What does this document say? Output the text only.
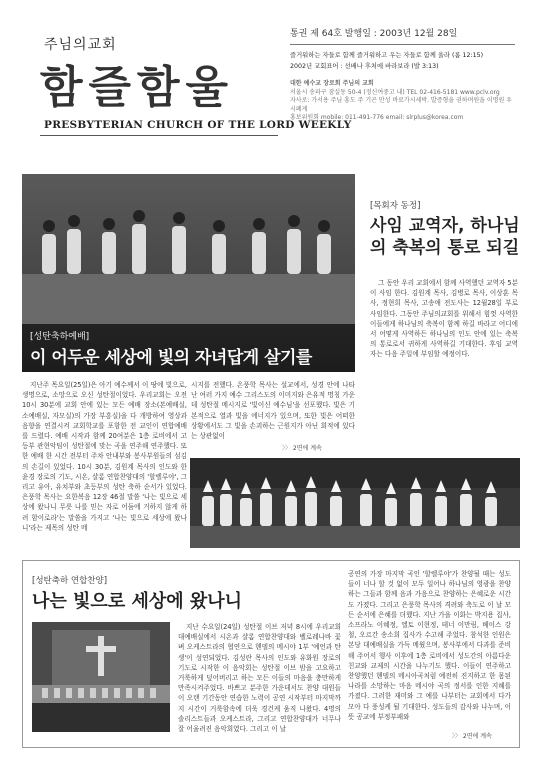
주님의교회
함즐함울
PRESBYTERIAN CHURCH OF THE LORD WEEKLY
통권 제 64호 발행일 : 2003년 12월 28일
즐거워하는 자들로 함께 즐거워하고 우는 자들로 함께 울라 (롬 12:15)
2002년 교회표어 : 선배나 후처에 바라보라 (발 3:13)
대한 예수교 장로회 주님의 교회
서울시 송파구 잠실동 50-4 (정신여중고 내) TEL 02-416-5181 www.pclv.org
자사로: 가서용 주님 흥도 주 기곤 만성 바료가시세박. 발증형을 권하며원을 이명원 우시폐게
홍보위원회 mobile: 011-491-776 email: slrplus@korea.com
[성탄축하예배]
이 어두운 세상에 빛의 자녀답게 살기를
[목회자 동정]
사임 교역자, 하나님의 축복의 통로 되길
그 동안 우리 교회에서 함께 사역했던 교역자 5분이 사임 한다. 김원계 목사, 김병로 목사, 이상훈 목사, 정현희 목사, 고송애 전도사는 12월28일 부로 사임한다. 그동안 주님의교회를 위해서 힘껏 사역한 이들에게 하나님의 축복이 함께 하길 바라고 어디에서 어떻게 사역하든 하나님의 인도 안에 있는 축복의 통로로서 귀하게 사역하길 기대한다. 후임 교역자는 다음 주일에 부임할 예정이다.
지난주 목요일(25일)은 아기 예수께서 이 땅에 빛으로, 생명으로, 소망으로 오신 성탄절이었다. 우리교회는 오전 10시 30분에 교회 안에 있는 모든 예배 장소(본예배실, 소예배실, 자모실)의 가장 부흥실)을 다 개방하여 영상과 음향을 연결시켜 교회학교를 포함한 전 교인이 연합예배를 드렸다. 예배 시작과 함께 20여분은 1층 로비에서 고등부 관현악팀이 성탄절에 맞는 곡을 연주해 연주했다. 또한 예배 한 시간 전부터 주차 안내부와 봉사부원들의 섬김의 손길이 있었다. 10시 30분, 김원계 목사의 인도와 한윤경 장로의 기도, 시온, 샬롬 연합찬양대의 '할렐루야', 그리고 유아, 유치부와 초등부의 성탄 축하 순서가 있었다. 은풍학 목사는 요한복음 12장 46절 말씀 '나는 빛으로 세상에 왔나니 무릇 나를 믿는 자로 어둠에 거하지 않게 하려 함이로라'는 말씀을 가지고 '나는 빛으로 세상에 왔나니'라는 제목의 성탄 메
시지를 전했다. 온풍학 목사는 설교에서, 성경 안에 나타난 여러 가지 예수 그리스도의 이미지와 은유적 명칭 가운데 성탄절 메시지로 '빛이신 예수님'을 선포했다. 빛은 기본적으로 열과 빛을 에너지가 있으며, 또한 빛은 어떠한 상황에서도 그 빛을 손괴하는 근원지가 아닌 회적에 있다는 상관없이
〉〉 2면에 계속
[성탄축하 연합찬양]
나는 빛으로 세상에 왔나니
지난 수요일(24일) 성탄절 이브 저녁 8시에 우리교회 대예배실에서 시온과 샬롬 연합찬양대와 벨로레나바 꽃벼 오케스트라의 협연으로 헨델의 메시야 1부 '예언과 탄생'이 성연되었다. 김성란 목사의 인도와 유화원 장로의 기도로 시작한 이 음악회는 성탄절 이브 밤을 고요하고 거룩하게 덮어버리고 하는 모든 이들의 마음을 충만하게 만족시켜주었다. 바쁘고 분주한 가운데서도 찬양 대원들이 오랜 기간동안 연습한 노력이 공연 시작부터 마지막까지 시간이 거룩함속에 더욱 경건케 움직 나왔다. 4명의 솔리스트들과 오케스트라, 그리고 연합찬양대가 너무나 잘 어울려진 음악회였다. 그리고 이 날
공연의 가장 마지막 곡인 '할렐루야'가 찬양될 때는 성도들이 너나 할 것 없이 모두 일어나 하나님의 영광을 찬양하는 그들과 함께 음과 가음으로 찬양하는 은혜로운 시간도 가졌다. 그리고 은풍학 목사의 격려와 축도로 이 날 모든 순서에 은혜를 더했다. 지난 가을 이화는 박지용 집사, 소프라노 이혜정, 엘토 이현정, 테너 이만림, 베이스 강철, 오르간 송소희 집사가 수고해 주었다. 참석한 인원은 본당 대예배실을 가득 메웠으며, 봉사부에서 다과를 준비해 주어서 행사 이후에 1층 로비에서 성도간의 아름다운 친교와 교제의 시간을 나누기도 했다. 이들이 연주하고 찬양했던 헨델의 메시아곡처럼 예전히 진지하고 한 몸된 나라를 소망하는 마음 메시야 곡의 정서를 인한 지혜를 가졌다. 그러한 재미와 그 예를 나부터는 교회에서 다가 모아 다 풍성케 될 기대한다. 성도들의 감사와 나누며, 이 뜻 공교에 부정부패와
〉〉 2면에 계속
